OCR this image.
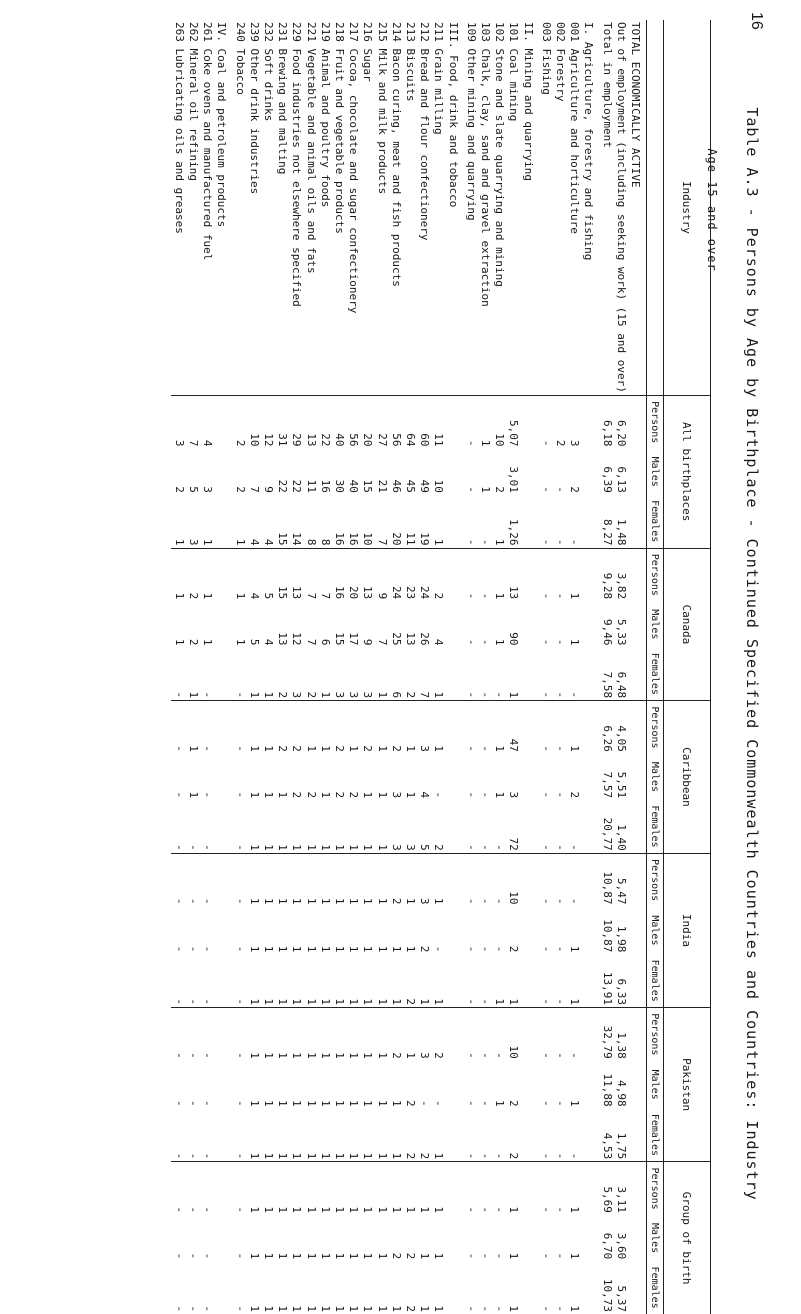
16
Table A.3 - Persons by Age by Birthplace - Continued Specified Commonwealth Countries and Countries: Industry
Age 15 and over
Industry	All birthplaces			Canada			Caribbean			India			Pakistan			Group of birth		
	Persons	Males	Females	Persons	Males	Females	Persons	Males	Females	Persons	Males	Females	Persons	Males	Females	Persons	Males	Females
TOTAL ECONOMICALLY ACTIVE																		
Out of employment (including seeking work) (15 and over)	6,20	6,13	1,48	3,82	5,33	6,48	4,05	5,51	1,40	5,47	1,98	6,33	1,38	4,98	1,75	3,11	3,60	5,37
Total in employment	6,18	6,39	8,27	9,28	9,46	7,58	6,26	7,57	20,77	10,87	10,87	13,91	32,79	11,88	4,53	5,69	6,70	10,73
I. Agriculture, forestry and fishing																		
001 Agriculture and horticulture	3	2	-	1	1	-	1	2	-	-	1	1	-	1	-	1	1	1
002 Forestry	2	-	-	-	-	-	-	-	-	-	-	-	-	-	-	-	-	-
003 Fishing	-	-	-	-	-	-	-	-	-	-	-	-	-	-	-	-	-	-
II. Mining and quarrying																		
101 Coal mining	5,07	3,01	1,26	13	90	1	47	3	72	10	2	1	10	2	2	1	1	1
102 Stone and slate quarrying and mining	10	2	1	1	1	-	1	1	-	-	-	1	-	1	-	-	-	-
103 Chalk, clay, sand and gravel extraction	1	1	-	-	-	-	-	-	-	-	-	-	-	-	-	-	-	-
109 Other mining and quarrying	-	-	-	-	-	-	-	-	-	-	-	-	-	-	-	-	-	-
III. Food, drink and tobacco																		
211 Grain milling	11	10	1	2	4	1	1	-	2	1	-	1	2	-	1	1	1	1
212 Bread and flour confectionery	60	49	19	24	26	7	3	4	5	3	2	1	3	-	2	1	1	1
213 Biscuits	64	45	11	23	13	2	1	1	3	1	1	2	1	2	2	1	2	2
214 Bacon curing, meat and fish products	56	46	20	24	25	6	2	3	3	2	1	1	2	1	1	1	2	1
215 Milk and milk products	27	21	7	9	7	1	1	1	1	1	1	1	1	1	1	1	1	1
216 Sugar	20	15	10	13	9	3	2	1	1	1	1	1	1	1	1	1	1	1
217 Cocoa, chocolate and sugar confectionery	56	40	16	20	17	3	1	2	1	1	1	1	1	1	1	1	1	1
218 Fruit and vegetable products	40	30	16	16	15	3	2	2	1	1	1	1	1	1	1	1	1	1
219 Animal and poultry foods	22	16	8	7	6	1	1	1	1	1	1	1	1	1	1	1	1	1
221 Vegetable and animal oils and fats	13	11	8	7	7	2	1	2	1	1	1	1	1	1	1	1	1	1
229 Food industries not elsewhere specified	29	22	14	13	12	3	2	2	1	1	1	1	1	1	1	1	1	1
231 Brewing and malting	31	22	15	15	13	2	2	1	1	1	1	1	1	1	1	1	1	1
232 Soft drinks	12	9	4	5	4	1	1	1	1	1	1	1	1	1	1	1	1	1
239 Other drink industries	10	7	4	4	5	1	1	1	1	1	1	1	1	1	1	1	1	1
240 Tobacco	2	2	1	1	1	-	-	-	-	-	-	-	-	-	-	-	-	-
IV. Coal and petroleum products																		
261 Coke ovens and manufactured fuel	4	3	1	1	1	-	-	-	-	-	-	-	-	-	-	-	-	-
262 Mineral oil refining	7	5	3	2	2	1	1	1	-	-	-	-	-	-	-	-	-	-
263 Lubricating oils and greases	3	2	1	1	1	-	-	-	-	-	-	-	-	-	-	-	-	-
